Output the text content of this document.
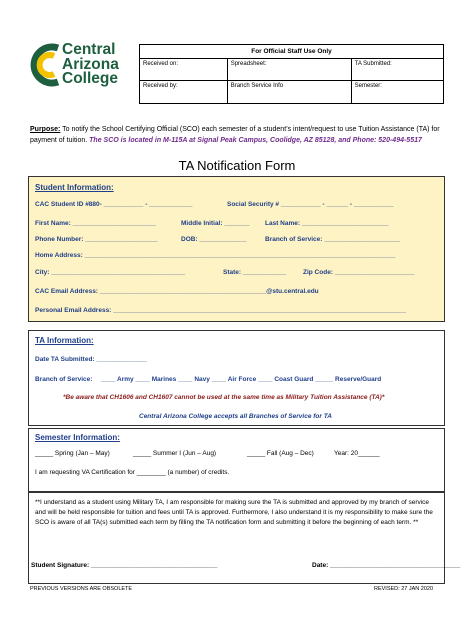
Central
Arizona
College
For Official Staff Use Only		
Received on:	Spreadsheet:	TA Submitted:
Received by:	Branch Service Info	Semester:
Purpose: To notify the School Certifying Official (SCO) each semester of a student’s intent/request to use Tuition Assistance (TA) for payment of tuition. The SCO is located in M-115A at Signal Peak Campus, Coolidge, AZ 85128, and Phone: 520-494-5517
TA Notification Form
Student Information:
CAC Student ID #880- ___________ - ____________	Social Security # ___________ - ______ - ___________
First Name: _______________________	Middle Initial: _______ Last Name: ________________________
Phone Number: ____________________	DOB: _____________	Branch of Service: _____________________
Home Address: ______________________________________________________________________________________
City: _____________________________________	State: ____________	Zip Code: ______________________
CAC Email Address: ______________________________________________@stu.central.edu
Personal Email Address: _________________________________________________________________________________
TA Information:
Date TA Submitted: ______________
Branch of Service: ____ Army ____ Marines ____ Navy ____ Air Force ____ Coast Guard _____ Reserve/Guard
*Be aware that CH1606 and CH1607 cannot be used at the same time as Military Tuition Assistance (TA)*
Central Arizona College accepts all Branches of Service for TA
Semester Information:
_____ Spring (Jan – May)	_____ Summer I (Jun – Aug)	_____ Fall (Aug – Dec)	Year: 20______
I am requesting VA Certification for ________ (a number) of credits.
**I understand as a student using Military TA, I am responsible for making sure the TA is submitted and approved by my branch of service and will be held responsible for tuition and fees until TA is approved. Furthermore, I also understand it is my responsibility to make sure the SCO is aware of all TA(s) submitted each term by filling the TA notification form and submitting it before the beginning of each term. **
Student Signature: ___________________________________	Date: ____________________________________
PREVIOUS VERSIONS ARE OBSOLETE	REVISED: 27 JAN 2020
